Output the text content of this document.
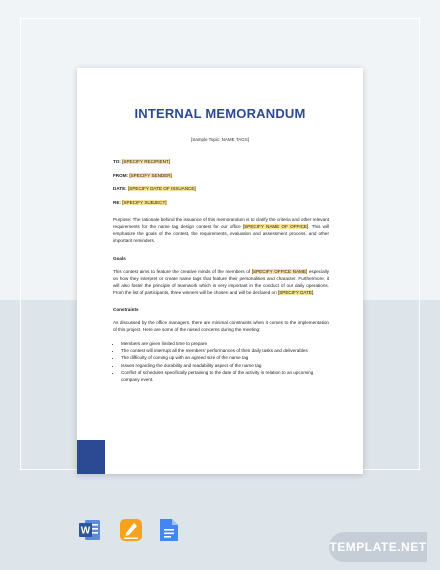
INTERNAL MEMORANDUM
[Sample Topic: NAME TAGS]
TO: [SPECIFY RECIPIENT]
FROM: [SPECIFY SENDER]
DATE: [SPECIFY DATE OF ISSUANCE]
RE: [SPECIFY SUBJECT]
Purpose: The rationale behind the issuance of this memorandum is to clarify the criteria and other relevant requirements for the name tag design contest for our office [SPECIFY NAME OF OFFICE]. This will emphasize the goals of the contest, the requirements, evaluation and assessment process, and other important reminders.
Goals
This contest aims to feature the creative minds of the members of [SPECIFY OFFICE NAME] especially on how they interpret or create name tags that feature their personalities and character. Furthermore, it will also foster the principle of teamwork which is very important in the conduct of our daily operations. From the list of participants, three winners will be chosen and will be declared on [SPECIFY DATE].
Constraints
As discussed by the office managers, there are minimal constraints when it comes to the implementation of this project. Here are some of the raised concerns during the meeting:
• Members are given limited time to prepare
• The contest will interrupt all the members' performances of their daily tasks and deliverables
• The difficulty of coming up with an agreed size of the name tag
• Issues regarding the durability and readability aspect of the name tag
• Conflict of schedules specifically pertaining to the date of the activity in relation to an upcoming company event.
W
TEMPLATE.NET
